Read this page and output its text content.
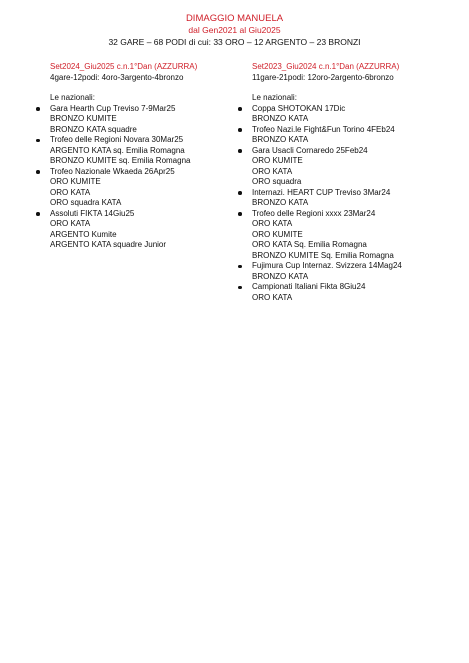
DIMAGGIO MANUELA
dal Gen2021 al Giu2025
32 GARE – 68 PODI di cui: 33 ORO – 12 ARGENTO – 23 BRONZI
Set2024_Giu2025 c.n.1°Dan (AZZURRA)
4gare-12podi: 4oro-3argento-4bronzo
Le nazionali:
Gara Hearth Cup Treviso 7-9Mar25
BRONZO KUMITE
BRONZO KATA squadre
Trofeo delle Regioni Novara 30Mar25
ARGENTO KATA sq. Emilia Romagna
BRONZO KUMITE sq. Emilia Romagna
Trofeo Nazionale Wkaeda 26Apr25
ORO KUMITE
ORO KATA
ORO squadra KATA
Assoluti FIKTA 14Giu25
ORO KATA
ARGENTO Kumite
ARGENTO KATA squadre Junior
Set2023_Giu2024 c.n.1°Dan (AZZURRA)
11gare-21podi: 12oro-2argento-6bronzo
Le nazionali:
Coppa SHOTOKAN 17Dic
BRONZO KATA
Trofeo Nazi.le Fight&Fun Torino 4FEb24
BRONZO KATA
Gara Usacli Cornaredo 25Feb24
ORO KUMITE
ORO KATA
ORO squadra
Internazi. HEART CUP Treviso 3Mar24
BRONZO KATA
Trofeo delle Regioni xxxx 23Mar24
ORO KATA
ORO KUMITE
ORO KATA Sq. Emilia Romagna
BRONZO KUMITE Sq. Emilia Romagna
Fujimura Cup Internaz. Svizzera 14Mag24
BRONZO KATA
Campionati Italiani Fikta 8Giu24
ORO KATA
